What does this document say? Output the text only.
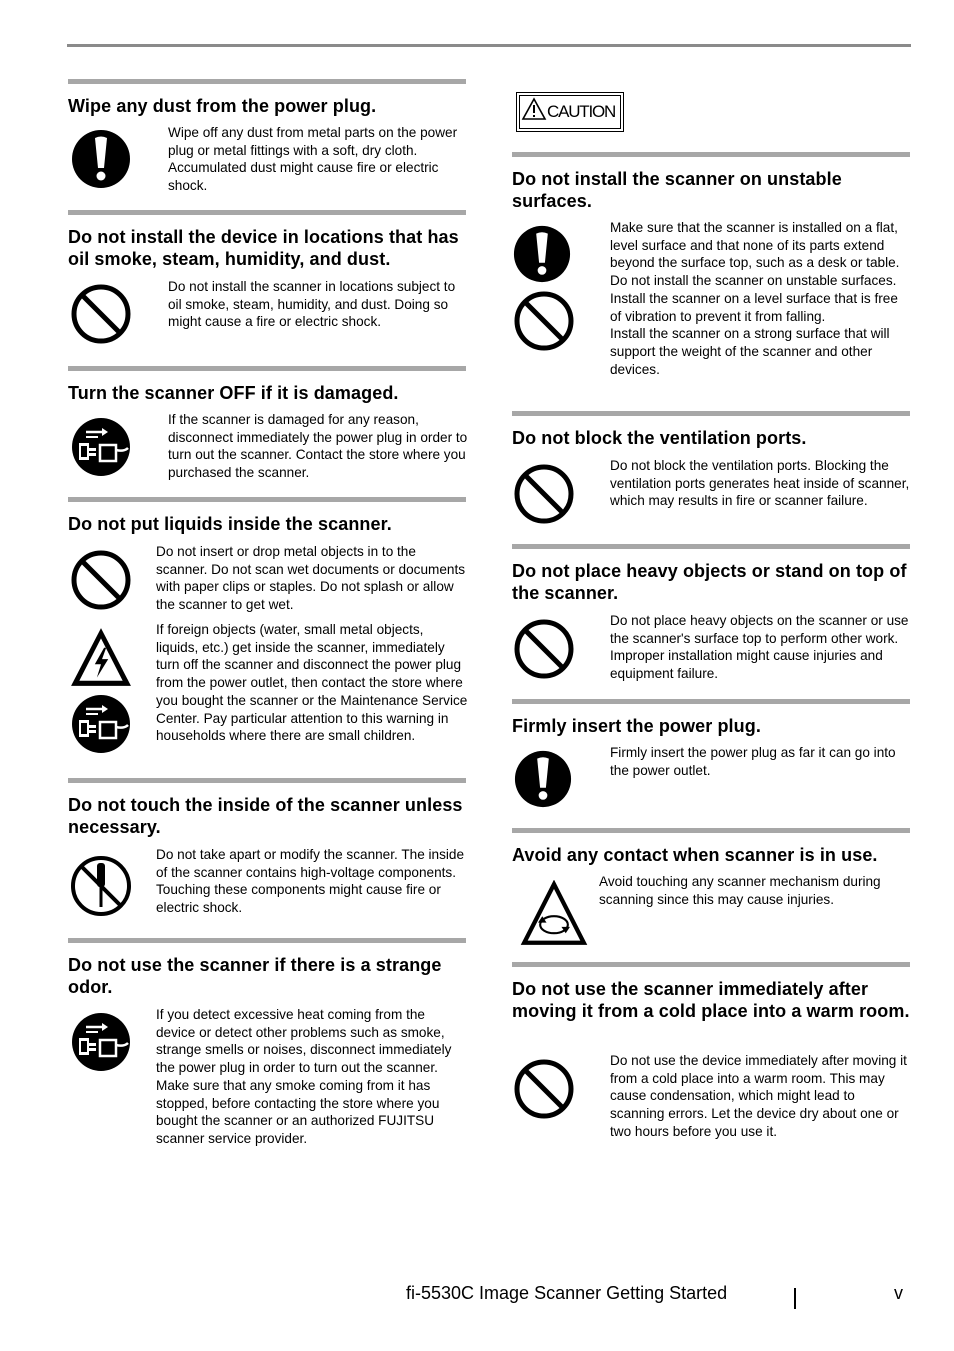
Wipe any dust from the power plug.
Wipe off any dust from metal parts on the power plug or metal fittings with a soft, dry cloth. Accumulated dust might cause fire or electric shock.
Do not install the device in locations that has oil smoke, steam, humidity, and dust.
Do not install the scanner in locations subject to oil smoke, steam, humidity, and dust. Doing so might cause a fire or electric shock.
Turn the scanner OFF if it is damaged.
If the scanner is damaged for any reason, disconnect immediately the power plug in order to turn out the scanner. Contact the store where you purchased the scanner.
Do not put liquids inside the scanner.
Do not insert or drop metal objects in to the scanner. Do not scan wet documents or documents with paper clips or staples. Do not splash or allow the scanner to get wet.
If foreign objects (water, small metal objects, liquids, etc.) get inside the scanner, immediately turn off the scanner and disconnect the power plug from the power outlet, then contact the store where you bought the scanner or the Maintenance Service Center. Pay particular attention to this warning in households where there are small children.
Do not touch the inside of the scanner unless necessary.
Do not take apart or modify the scanner. The inside of the scanner contains high-voltage components. Touching these components might cause fire or electric shock.
Do not use the scanner if there is a strange odor.
If you detect excessive heat coming from the device or detect other problems such as smoke, strange smells or noises, disconnect immediately the power plug in order to turn out the scanner. Make sure that any smoke coming from it has stopped, before contacting the store where you bought the scanner or an authorized FUJITSU scanner service provider.
CAUTION
Do not install the scanner on unstable surfaces.
Make sure that the scanner is installed on a flat, level surface and that none of its parts extend beyond the surface top, such as a desk or table. Do not install the scanner on unstable surfaces. Install the scanner on a level surface that is free of vibration to prevent it from falling.
Install the scanner on a strong surface that will support the weight of the scanner and other devices.
Do not block the ventilation ports.
Do not block the ventilation ports. Blocking the ventilation ports generates heat inside of scanner, which may results in fire or scanner failure.
Do not place heavy objects or stand on top of the scanner.
Do not place heavy objects on the scanner or use the scanner's surface top to perform other work. Improper installation might cause injuries and equipment failure.
Firmly insert the power plug.
Firmly insert the power plug as far it can go into the power outlet.
Avoid any contact when scanner is in use.
Avoid touching any scanner mechanism during scanning since this may cause injuries.
Do not use the scanner immediately after moving it from a cold place into a warm room.
Do not use the device immediately after moving it from a cold place into a warm room. This may cause condensation, which might lead to scanning errors. Let the device dry about one or two hours before you use it.
fi-5530C Image Scanner Getting Started	v
